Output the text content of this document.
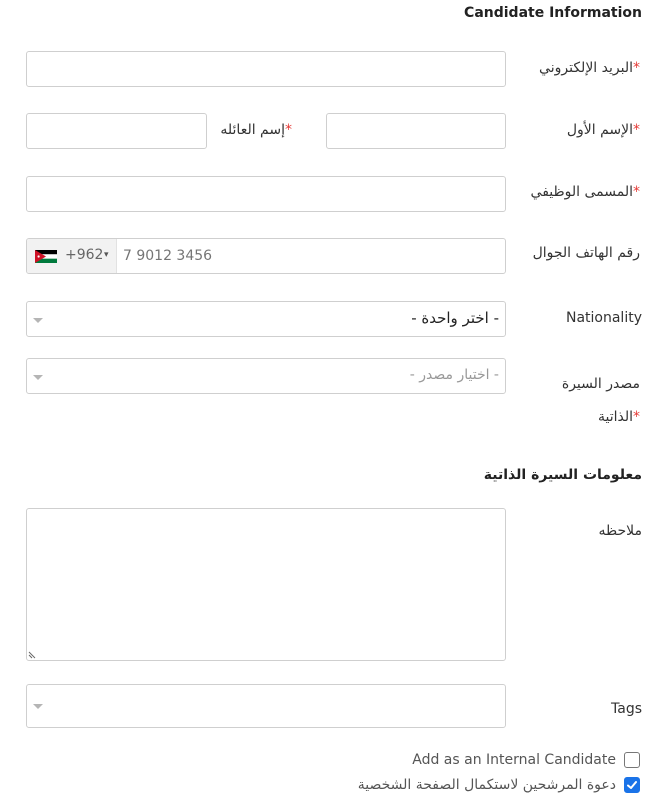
Candidate Information
*البريد الإلكتروني
*الإسم الأول
*إسم العائله
*المسمى الوظيفي
رقم الهاتف الجوال
+962 ▾
7 9012 3456
Nationality
- اختر واحدة -
مصدر السيرة
*الذاتية
- اختيار مصدر -
معلومات السيرة الذاتية
ملاحظه
Tags
Add as an Internal Candidate
دعوة المرشحين لاستكمال الصفحة الشخصية
